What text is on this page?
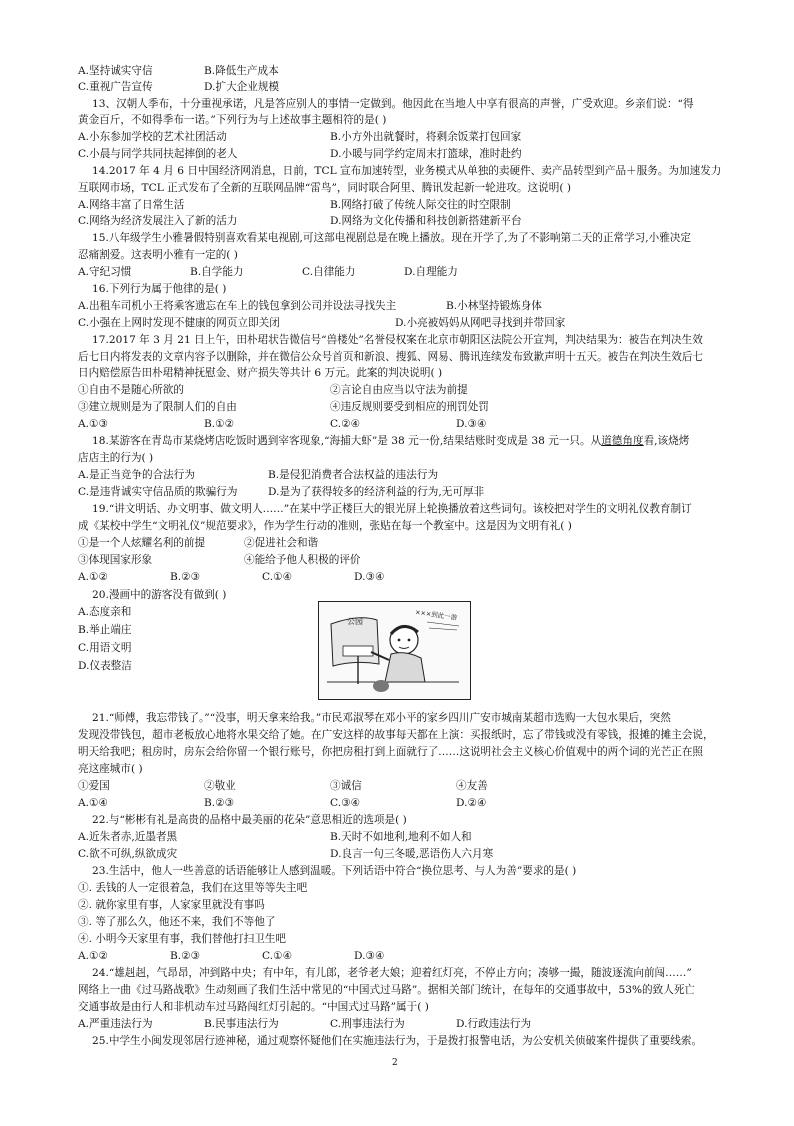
A.坚持诚实守信	B.降低生产成本
C.重视广告宣传	D.扩大企业规模
13、汉朝人季布，十分重视承诺，凡是答应别人的事情一定做到。他因此在当地人中享有很高的声誉，广受欢迎。乡亲们说：“得
黄金百斤，不如得季布一诺。”下列行为与上述故事主题相符的是( )
A.小东参加学校的艺术社团活动	B.小方外出就餐时，将剩余饭菜打包回家
C.小晨与同学共同扶起摔倒的老人	D.小暖与同学约定周末打篮球，准时赴约
14.2017 年 4 月 6 日中国经济网消息，日前，TCL 宣布加速转型，业务模式从单独的卖硬件、卖产品转型到产品＋服务。为加速发力
互联网市场，TCL 正式发布了全新的互联网品牌“雷鸟”，同时联合阿里、腾讯发起新一轮进攻。这说明( )
A.网络丰富了日常生活	B.网络打破了传统人际交往的时空限制
C.网络为经济发展注入了新的活力	D.网络为文化传播和科技创新搭建新平台
15.八年级学生小雅暑假特别喜欢看某电视剧,可这部电视剧总是在晚上播放。现在开学了,为了不影响第二天的正常学习,小雅决定
忍痛割爱。这表明小雅有一定的( )
A.守纪习惯	B.自学能力	C.自律能力	D.自理能力
16.下列行为属于他律的是( )
A.出租车司机小王将乘客遗忘在车上的钱包拿到公司并设法寻找失主	B.小林坚持锻炼身体
C.小强在上网时发现不健康的网页立即关闭	D.小亮被妈妈从网吧寻找到并带回家
17.2017 年 3 月 21 日上午，田朴珺状告微信号“兽楼处”名誉侵权案在北京市朝阳区法院公开宣判，判决结果为：被告在判决生效
后七日内将发表的文章内容予以删除，并在微信公众号首页和新浪、搜狐、网易、腾讯连续发布致歉声明十五天。被告在判决生效后七
日内赔偿原告田朴珺精神抚慰金、财产损失等共计 6 万元。此案的判决说明( )
①自由不是随心所欲的	②言论自由应当以守法为前提
③建立规则是为了限制人们的自由	④违反规则要受到相应的刑罚处罚
A.①③	B.①②	C.②④	D.③④
18.某游客在青岛市某烧烤店吃饭时遇到宰客现象,“海捕大虾”是 38 元一份,结果结账时变成是 38 元一只。从道德角度看,该烧烤
店店主的行为( )
A.是正当竞争的合法行为	B.是侵犯消费者合法权益的违法行为
C.是违背诚实守信品质的欺骗行为	D.是为了获得较多的经济利益的行为,无可厚非
19.“讲文明话、办文明事、做文明人……”在某中学正楼巨大的银光屏上轮换播放着这些词句。该校把对学生的文明礼仪教育制订
成《某校中学生“文明礼仪”规范要求》，作为学生行动的准则，张贴在每一个教室中。这是因为文明有礼( )
①是一个人炫耀名利的前提	②促进社会和谐
③体现国家形象	④能给予他人积极的评价
A.①②	B.②③	C.①④	D.③④
20.漫画中的游客没有做到( )
A.态度亲和
B.举止端庄
C.用语文明
D.仪表整洁
公园	×××到此一游
21.“师傅，我忘带钱了。”“没事，明天拿来给我。”市民邓淑琴在邓小平的家乡四川广安市城南某超市选购一大包水果后，突然
发现没带钱包，超市老板放心地将水果交给了她。在广安这样的故事每天都在上演：买报纸时，忘了带钱或没有零钱，报摊的摊主会说，
明天给我吧；租房时，房东会给你留一个银行账号，你把房租打到上面就行了……这说明社会主义核心价值观中的两个词的光芒正在照
亮这座城市( )
①爱国	②敬业	③诚信	④友善
A.①④	B.②③	C.③④	D.②④
22.与“彬彬有礼是高贵的品格中最美丽的花朵”意思相近的选项是( )
A.近朱者赤,近墨者黑	B.天时不如地利,地利不如人和
C.欲不可纵,纵欲成灾	D.良言一句三冬暖,恶语伤人六月寒
23.生活中，他人一些善意的话语能够让人感到温暖。下列话语中符合“换位思考、与人为善”要求的是( )
①. 丢钱的人一定很着急，我们在这里等等失主吧
②. 就你家里有事，人家家里就没有事吗
③. 等了那么久，他还不来，我们不等他了
④. 小明今天家里有事，我们替他打扫卫生吧
A.①②	B.②③	C.①④	D.③④
24.“雄赳赳，气昂昂，冲到路中央；有中年，有儿郎，老爷老大娘；迎着红灯亮，不停止方向；凑够一撮，随波逐流向前闯……”
网络上一曲《过马路战歌》生动刻画了我们生活中常见的“中国式过马路”。据相关部门统计，在每年的交通事故中，53%的致人死亡
交通事故是由行人和非机动车过马路闯红灯引起的。“中国式过马路”属于( )
A.严重违法行为	B.民事违法行为	C.刑事违法行为	D.行政违法行为
25.中学生小闽发现邻居行迹神秘，通过观察怀疑他们在实施违法行为，于是拨打报警电话，为公安机关侦破案件提供了重要线索。
2
